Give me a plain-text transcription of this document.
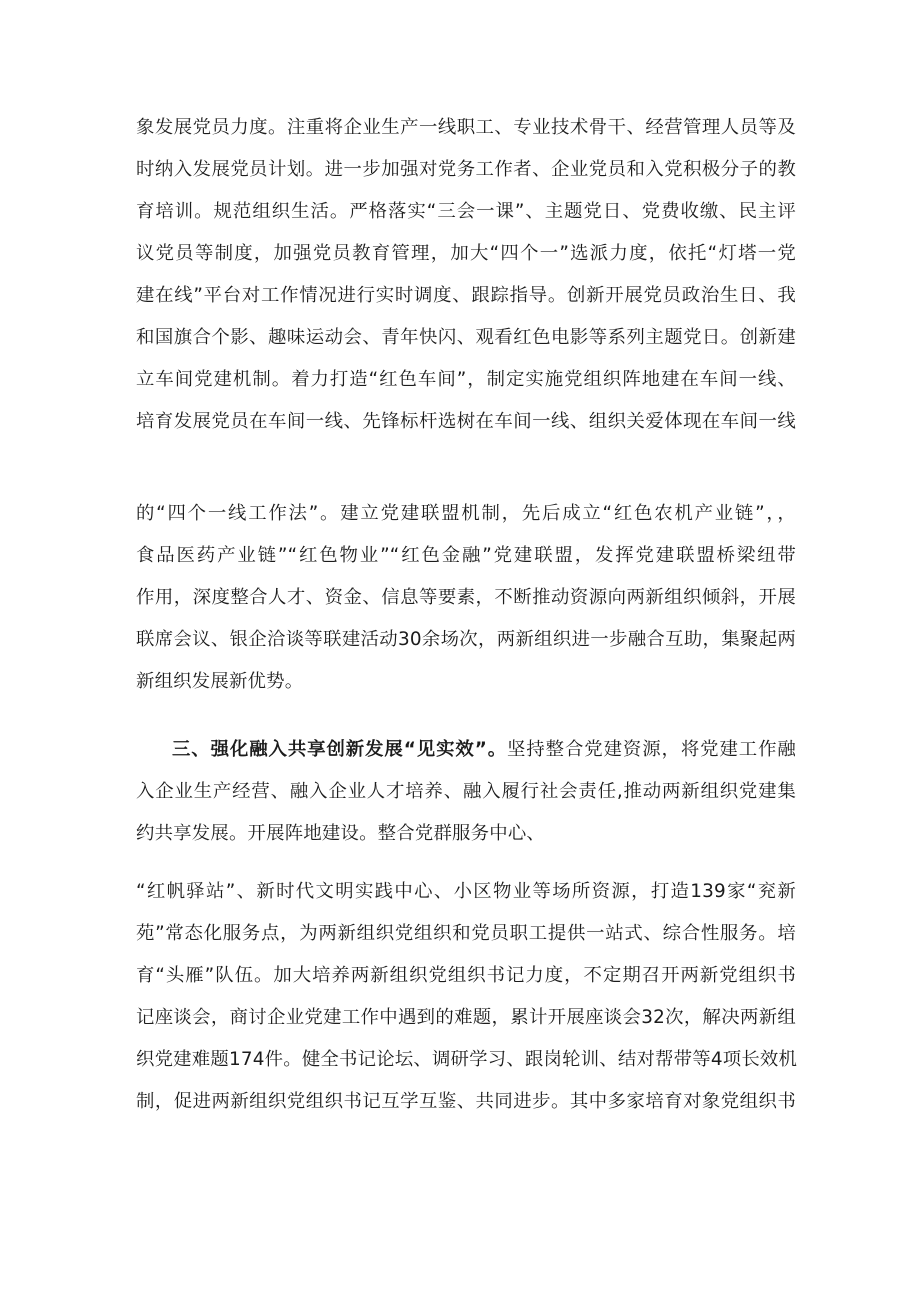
象发展党员力度。注重将企业生产一线职工、专业技术骨干、经营管理人员等及
时纳入发展党员计划。进一步加强对党务工作者、企业党员和入党积极分子的教
育培训。规范组织生活。严格落实“三会一课”、主题党日、党费收缴、民主评
议党员等制度，加强党员教育管理，加大“四个一”选派力度，依托“灯塔一党
建在线”平台对工作情况进行实时调度、跟踪指导。创新开展党员政治生日、我
和国旗合个影、趣味运动会、青年快闪、观看红色电影等系列主题党日。创新建
立车间党建机制。着力打造“红色车间”，制定实施党组织阵地建在车间一线、
培育发展党员在车间一线、先锋标杆选树在车间一线、组织关爱体现在车间一线
的“四个一线工作法”。建立党建联盟机制，先后成立“红色农机产业链”，，
食品医药产业链”“红色物业”“红色金融”党建联盟，发挥党建联盟桥梁纽带
作用，深度整合人才、资金、信息等要素，不断推动资源向两新组织倾斜，开展
联席会议、银企洽谈等联建活动30余场次，两新组织进一步融合互助，集聚起两
新组织发展新优势。
三、强化融入共享创新发展“见实效”。坚持整合党建资源，将党建工作融
入企业生产经营、融入企业人才培养、融入履行社会责任,推动两新组织党建集
约共享发展。开展阵地建设。整合党群服务中心、
“红帆驿站”、新时代文明实践中心、小区物业等场所资源，打造139家“兖新
苑”常态化服务点，为两新组织党组织和党员职工提供一站式、综合性服务。培
育“头雁”队伍。加大培养两新组织党组织书记力度，不定期召开两新党组织书
记座谈会，商讨企业党建工作中遇到的难题，累计开展座谈会32次，解决两新组
织党建难题174件。健全书记论坛、调研学习、跟岗轮训、结对帮带等4项长效机
制，促进两新组织党组织书记互学互鉴、共同进步。其中多家培育对象党组织书
